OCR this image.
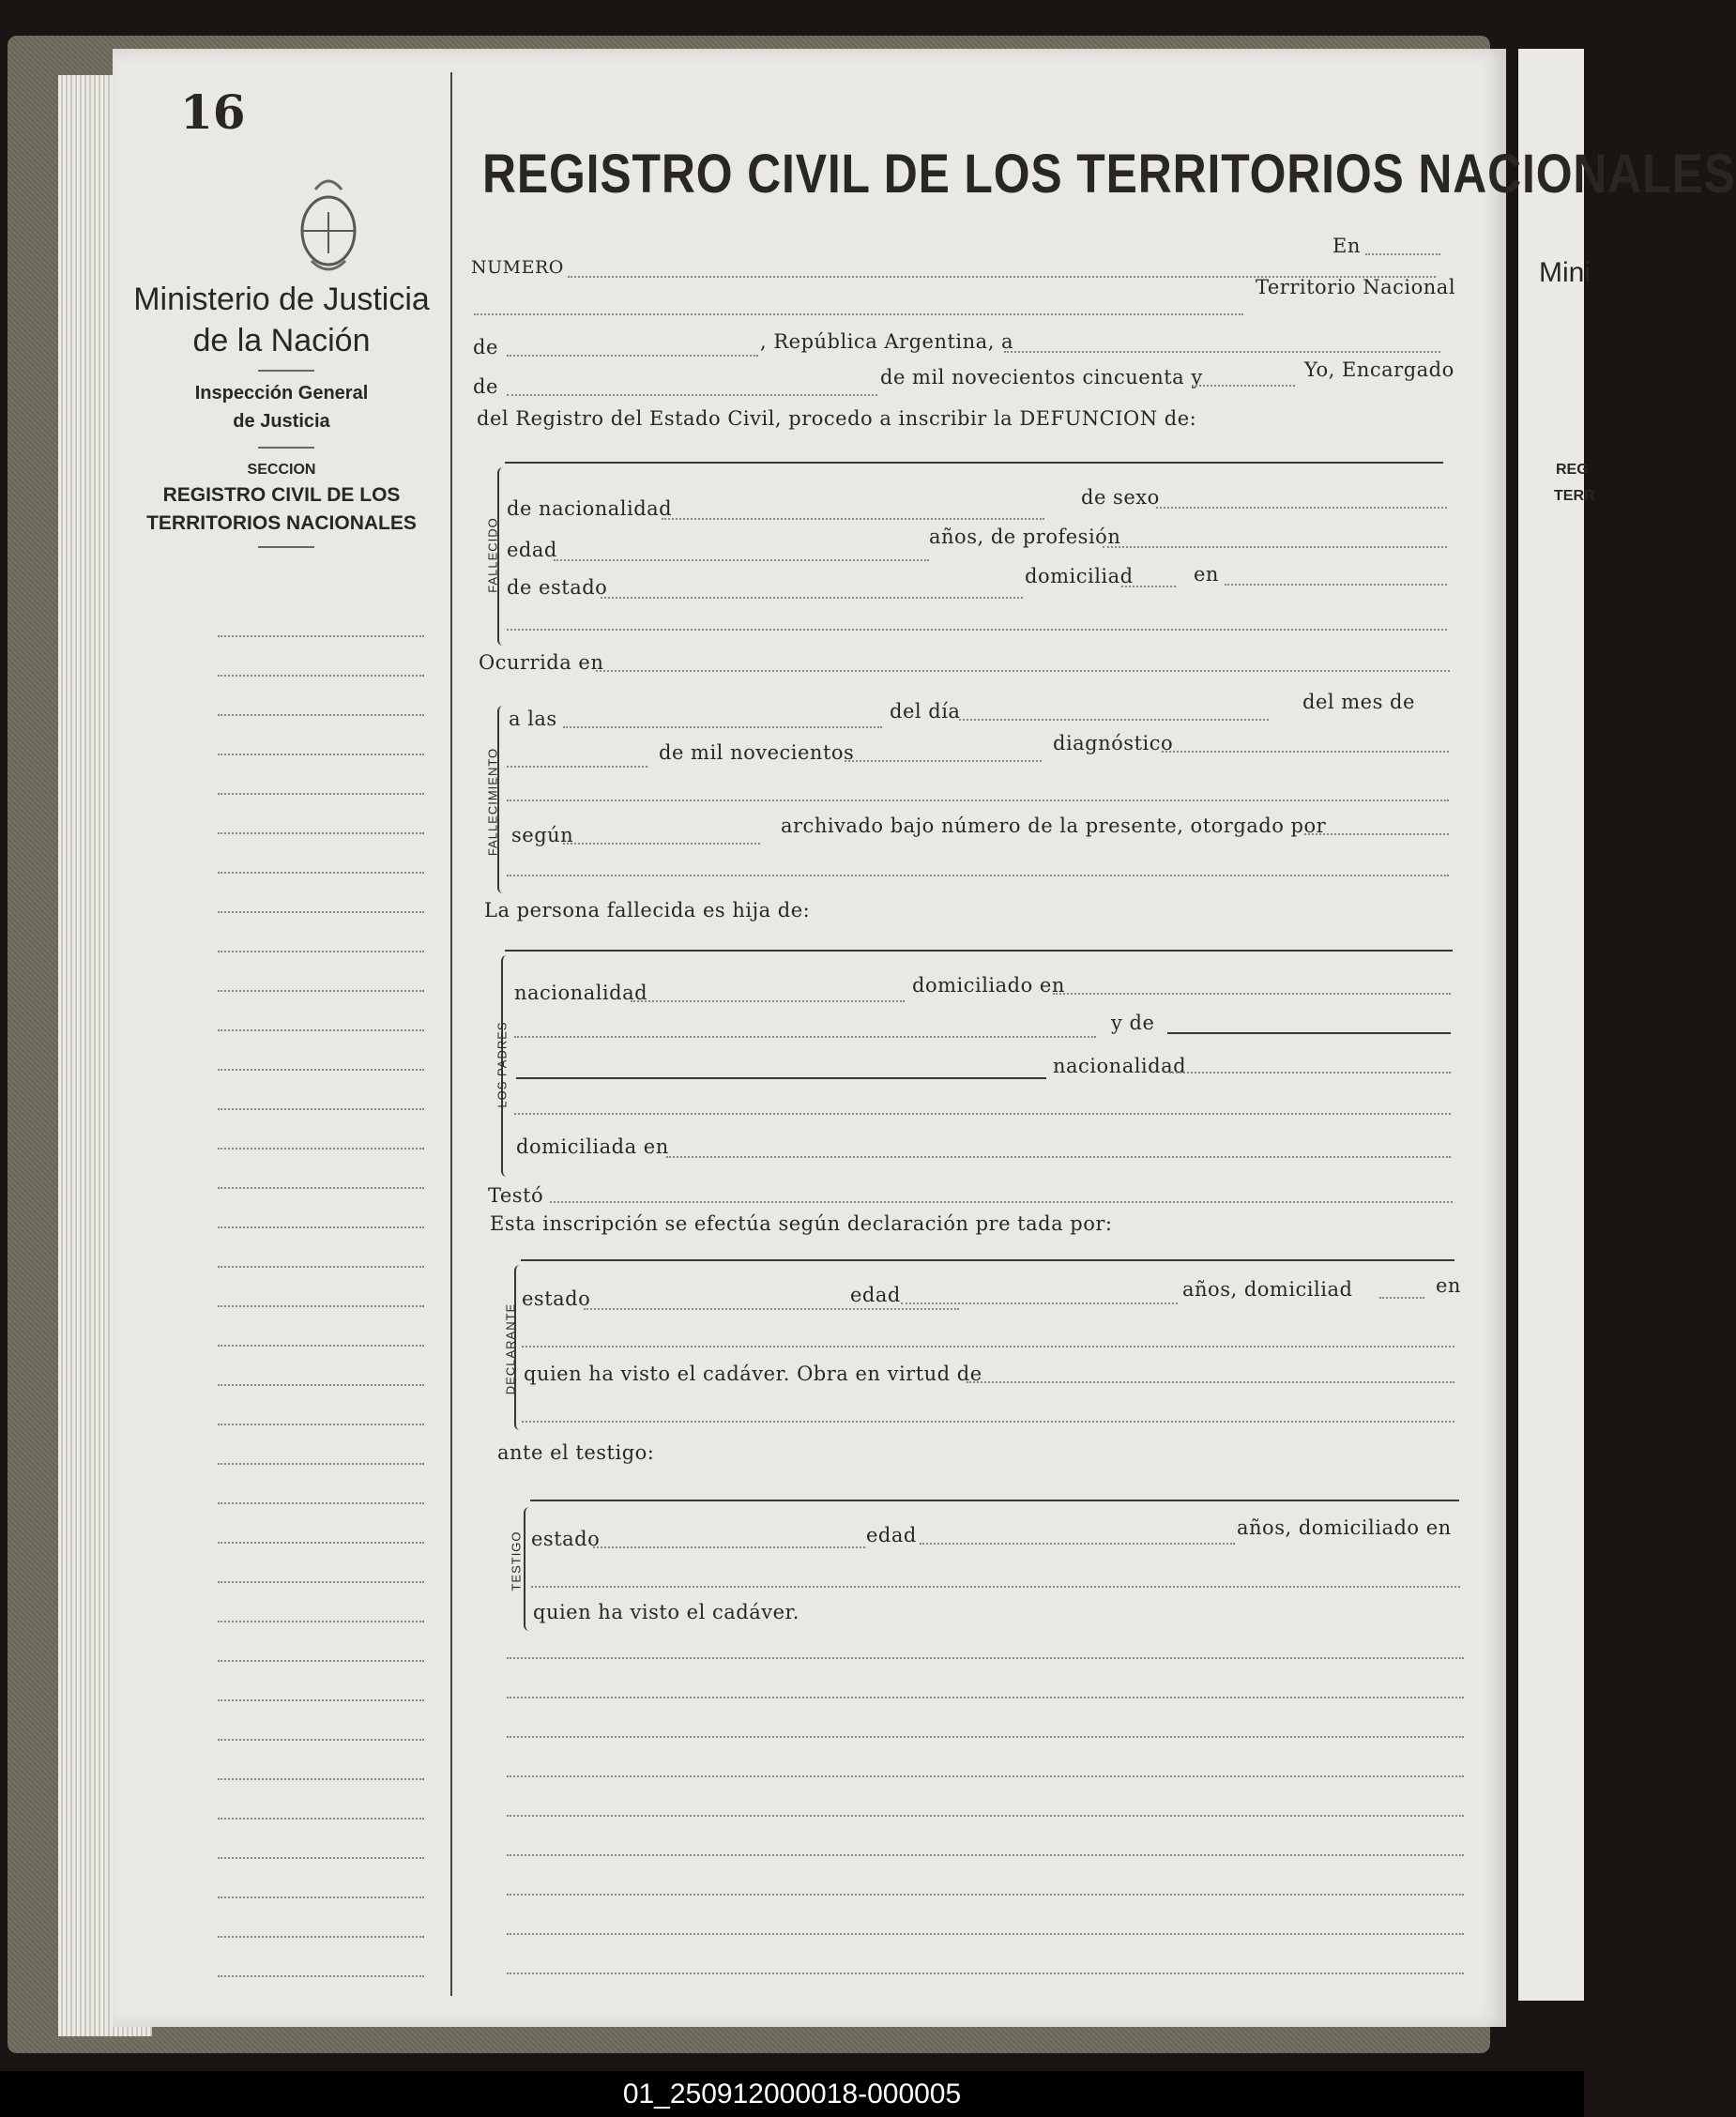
Mini
REG
TERR
16
Ministerio de Justicia
de la Nación
Inspección General
de Justicia
SECCION
REGISTRO CIVIL DE LOS
TERRITORIOS NACIONALES
REGISTRO CIVIL DE LOS TERRITORIOS NACIONALES
NUMERO
En
Territorio Nacional
de	, República Argentina, a
de	de mil novecientos cincuenta y	Yo, Encargado
del Registro del Estado Civil, procedo a inscribir la DEFUNCION de:
FALLECIDO
de nacionalidad	de sexo
edad
años, de profesión
de estado	domiciliad	en
Ocurrida en
FALLECIMIENTO
a las	del día	del mes de
de mil novecientos	diagnóstico
según	archivado bajo número de la presente, otorgado por
La persona fallecida es hija de:
LOS PADRES
nacionalidad	domiciliado en
y de
nacionalidad
domiciliada en
Testó
Esta inscripción se efectúa según declaración pre tada por:
DECLARANTE
estado	edad	años, domiciliad	en
quien ha visto el cadáver. Obra en virtud de
ante el testigo:
TESTIGO estado	edad	años, domiciliado en
quien ha visto el cadáver.
01_250912000018-000005
